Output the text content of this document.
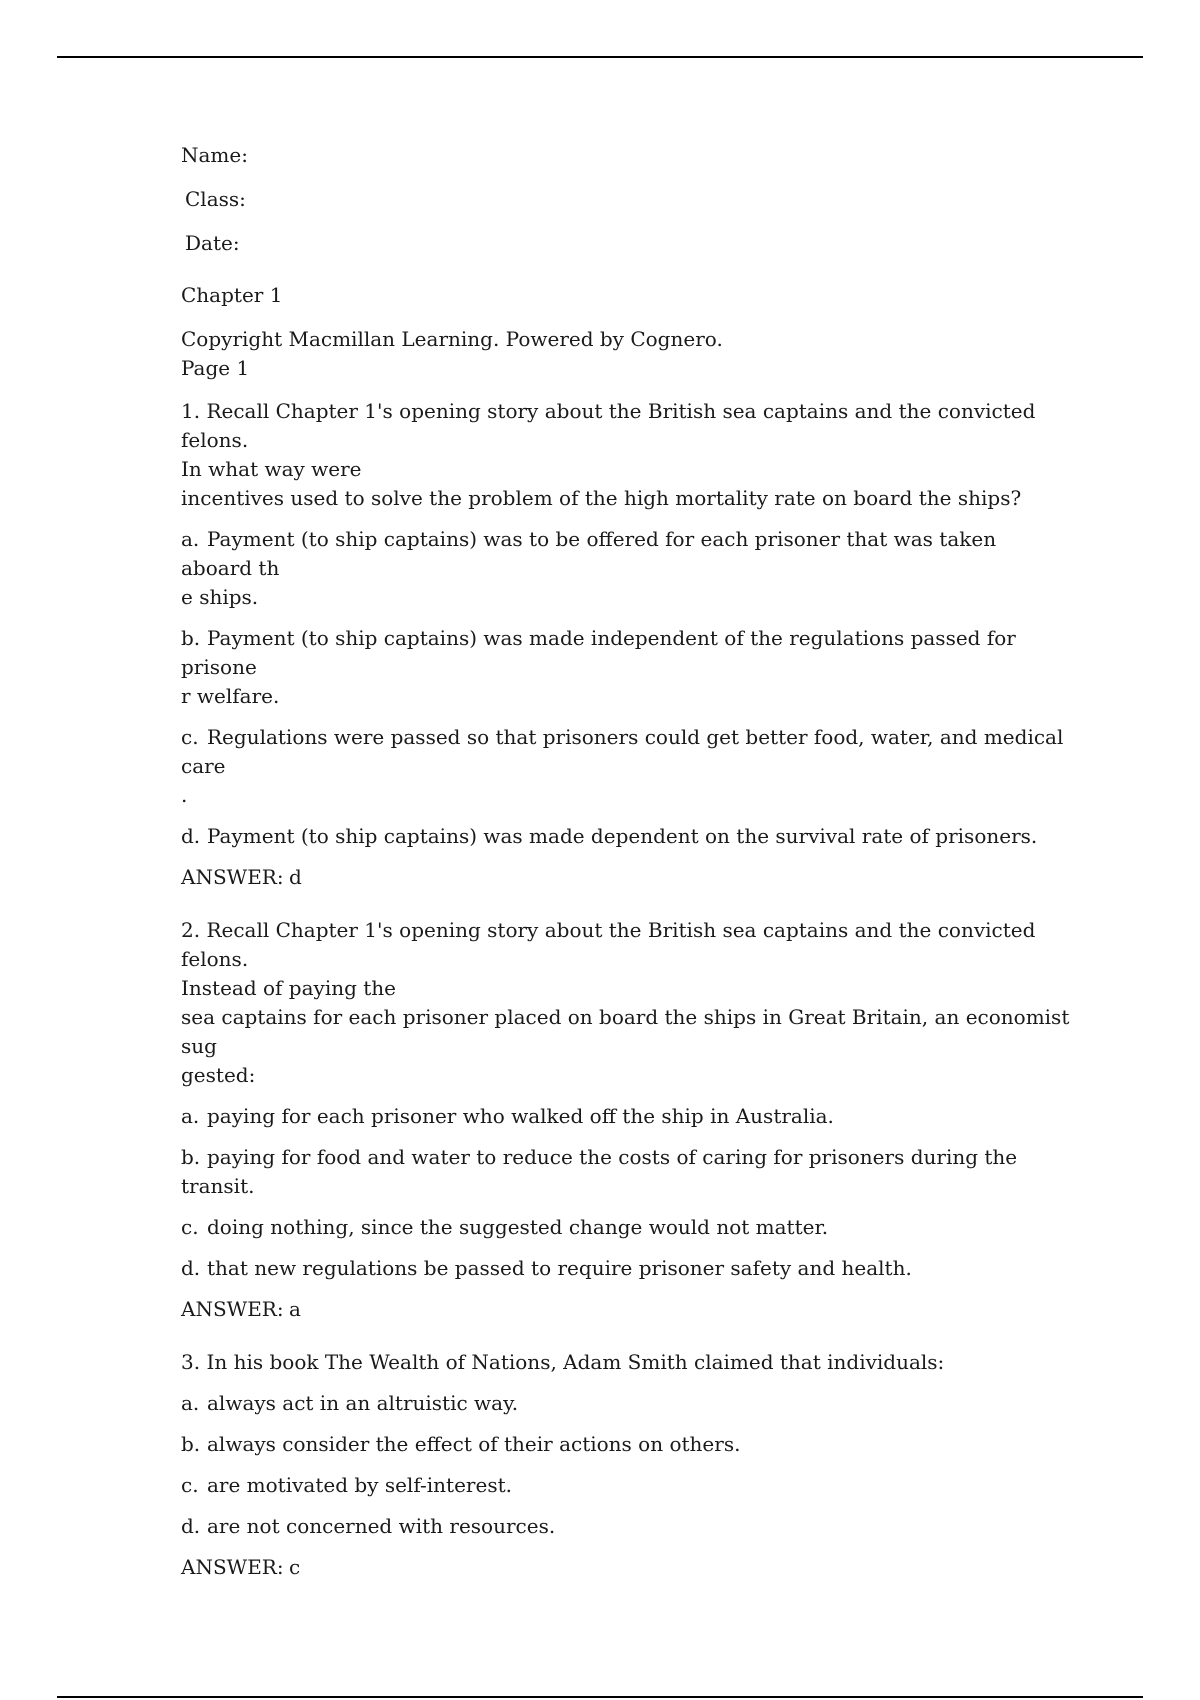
Name:

Class:

Date:

Chapter 1

Copyright Macmillan Learning. Powered by Cognero.

Page 1

1. Recall Chapter 1's opening story about the British sea captains and the convicted felons.

In what way were

incentives used to solve the problem of the high mortality rate on board the ships?

a. Payment (to ship captains) was to be offered for each prisoner that was taken aboard th

e ships.

b. Payment (to ship captains) was made independent of the regulations passed for prisone

r welfare.

c. Regulations were passed so that prisoners could get better food, water, and medical care

.

d. Payment (to ship captains) was made dependent on the survival rate of prisoners.

ANSWER: d

2. Recall Chapter 1's opening story about the British sea captains and the convicted felons.

Instead of paying the

sea captains for each prisoner placed on board the ships in Great Britain, an economist sug

gested:

a. paying for each prisoner who walked off the ship in Australia.

b. paying for food and water to reduce the costs of caring for prisoners during the transit.

c. doing nothing, since the suggested change would not matter.

d. that new regulations be passed to require prisoner safety and health.

ANSWER: a

3. In his book The Wealth of Nations, Adam Smith claimed that individuals:

a. always act in an altruistic way.

b. always consider the effect of their actions on others.

c. are motivated by self-interest.

d. are not concerned with resources.

ANSWER: c
